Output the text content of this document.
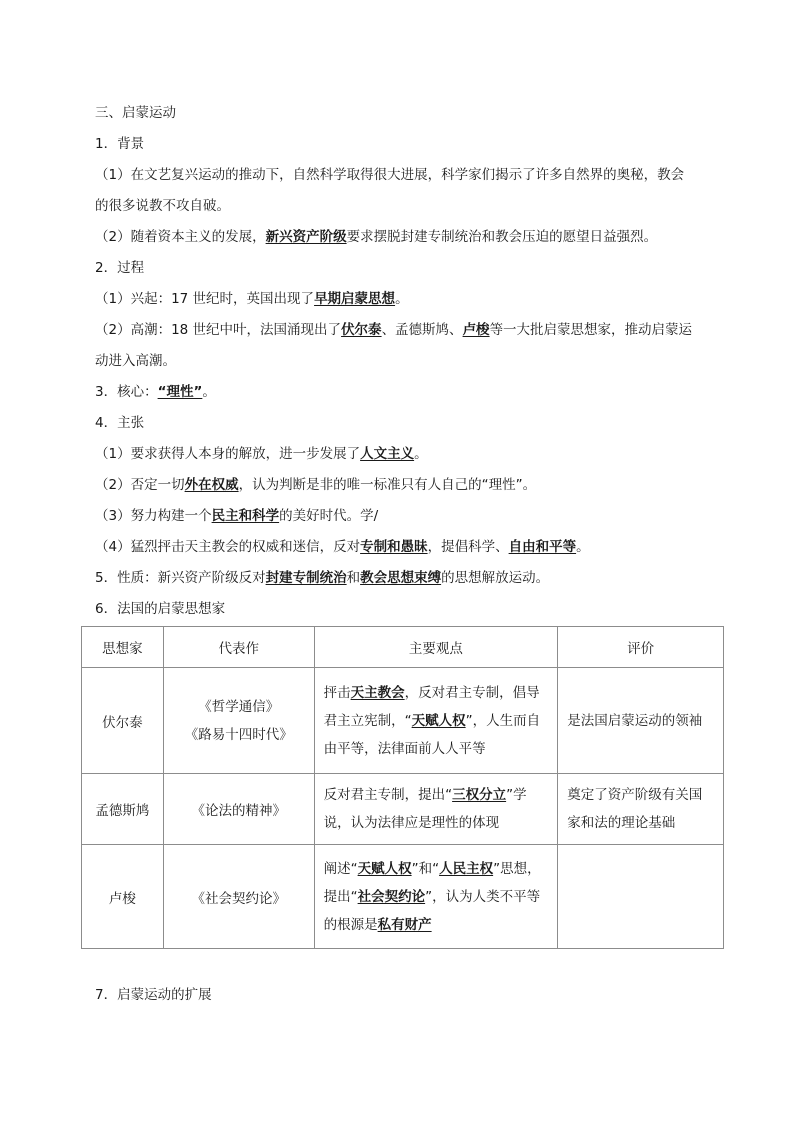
三、启蒙运动
1．背景
（1）在文艺复兴运动的推动下，自然科学取得很大进展，科学家们揭示了许多自然界的奥秘，教会
的很多说教不攻自破。
（2）随着资本主义的发展，新兴资产阶级要求摆脱封建专制统治和教会压迫的愿望日益强烈。
2．过程
（1）兴起：17 世纪时，英国出现了早期启蒙思想。
（2）高潮：18 世纪中叶，法国涌现出了伏尔泰、孟德斯鸠、卢梭等一大批启蒙思想家，推动启蒙运
动进入高潮。
3．核心：“理性”。
4．主张
（1）要求获得人本身的解放，进一步发展了人文主义。
（2）否定一切外在权威，认为判断是非的唯一标准只有人自己的“理性”。
（3）努力构建一个民主和科学的美好时代。学/
（4）猛烈抨击天主教会的权威和迷信，反对专制和愚昧，提倡科学、自由和平等。
5．性质：新兴资产阶级反对封建专制统治和教会思想束缚的思想解放运动。
6．法国的启蒙思想家
思想家	代表作	主要观点	评价
伏尔泰	《哲学通信》
《路易十四时代》	抨击天主教会，反对君主专制，倡导君主立宪制，“天赋人权”，人生而自由平等，法律面前人人平等	是法国启蒙运动的领袖
孟德斯鸠	《论法的精神》	反对君主专制，提出“三权分立”学说，认为法律应是理性的体现	奠定了资产阶级有关国家和法的理论基础
卢梭	《社会契约论》	阐述“天赋人权”和“人民主权”思想，提出“社会契约论”，认为人类不平等的根源是私有财产	
7．启蒙运动的扩展
